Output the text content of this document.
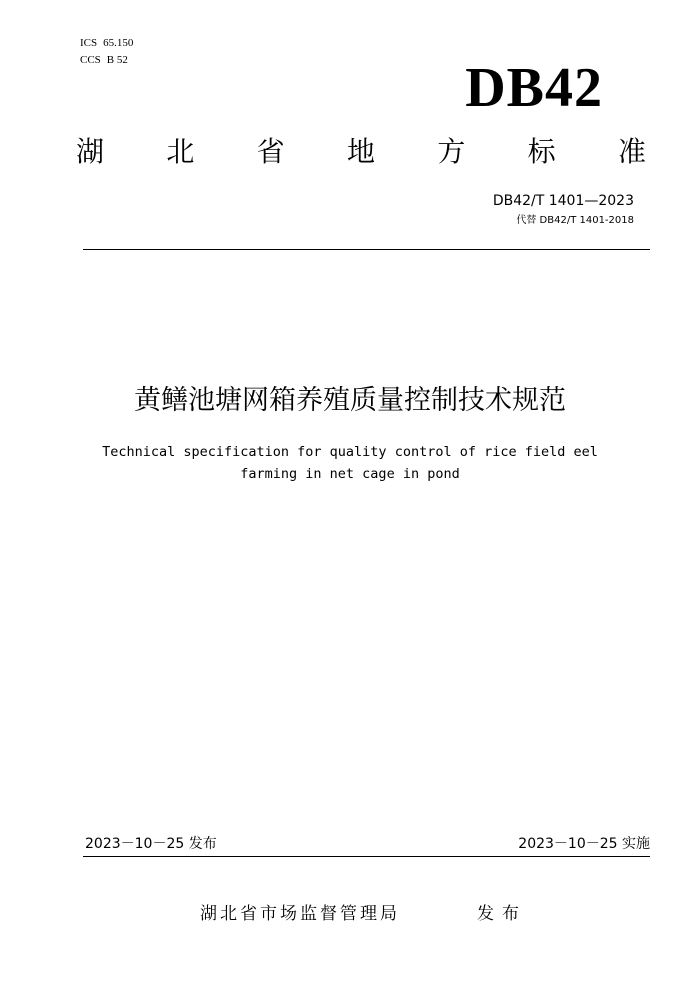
ICS 65.150
CCS B 52	DB42
湖 北 省 地 方 标 准
DB42/T 1401—2023
代替 DB42/T 1401-2018
黄鳝池塘网箱养殖质量控制技术规范
Technical specification for quality control of rice field eel
farming in net cage in pond
2023－10－25 发布	2023－10－25 实施
湖北省市场监督管理局	发布
